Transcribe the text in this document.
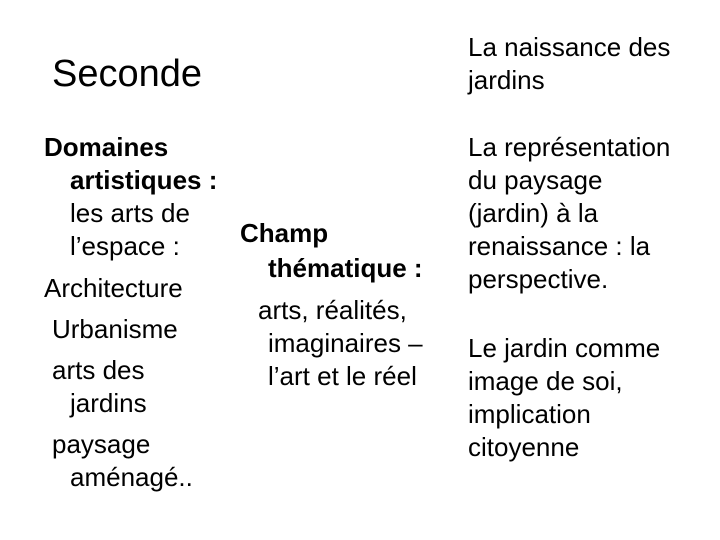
Seconde
Domaines
artistiques :
les arts de
l’espace :
Architecture
Urbanisme
arts des
jardins
paysage
aménagé..
Champ
thématique :
arts, réalités,
imaginaires –
l’art et le réel
La naissance des
jardins
La représentation
du paysage
(jardin) à la
renaissance : la
perspective.
Le jardin comme
image de soi,
implication
citoyenne
